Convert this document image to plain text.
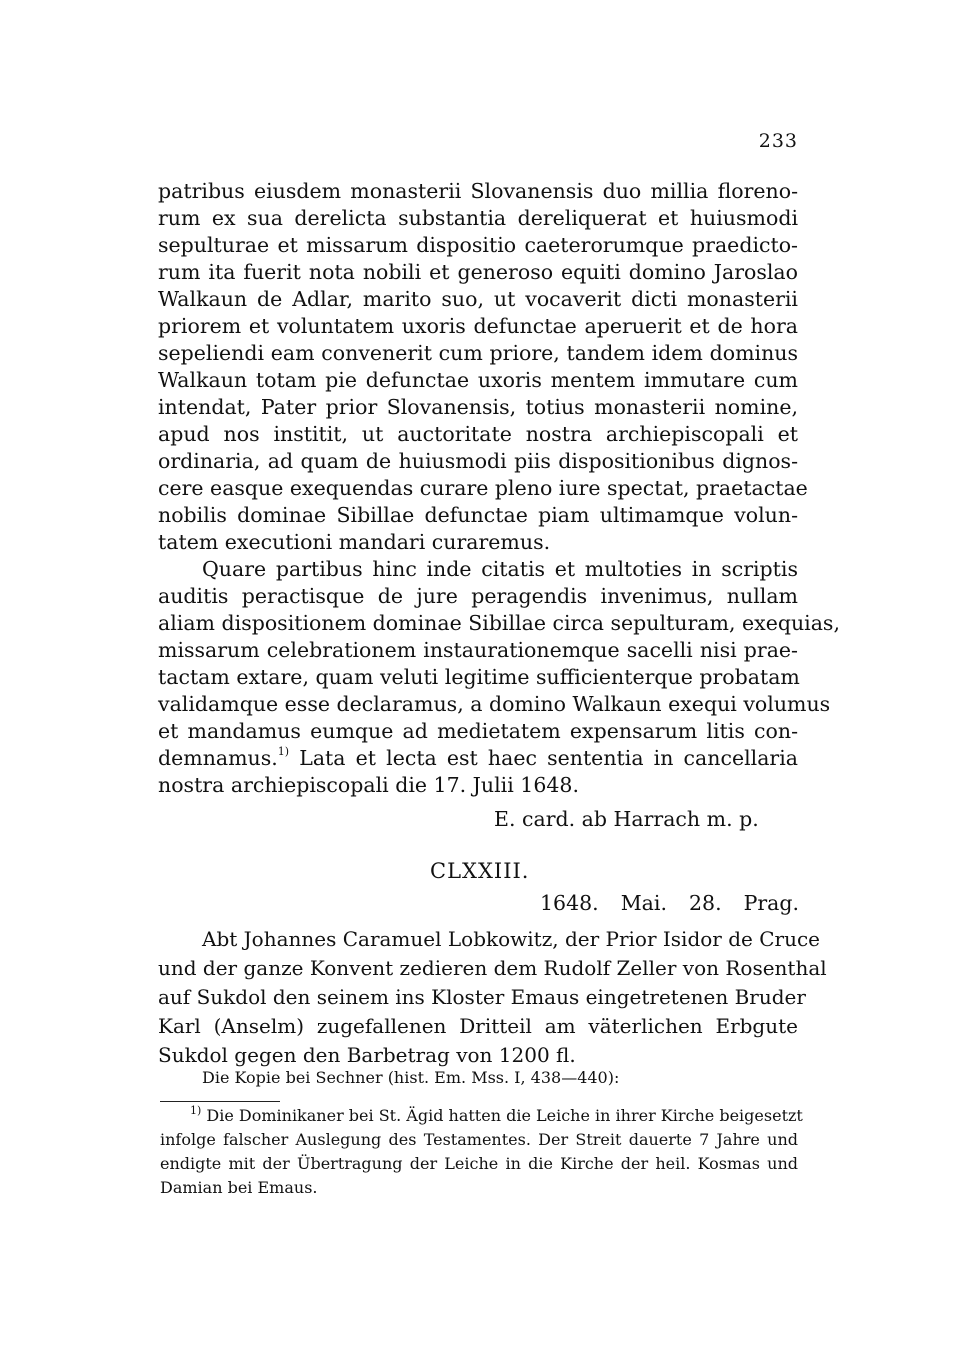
233
patribus eiusdem monasterii Slovanensis duo millia floreno-
rum ex sua derelicta substantia dereliquerat et huiusmodi
sepulturae et missarum dispositio caeterorumque praedicto-
rum ita fuerit nota nobili et generoso equiti domino Jaroslao
Walkaun de Adlar, marito suo, ut vocaverit dicti monasterii
priorem et voluntatem uxoris defunctae aperuerit et de hora
sepeliendi eam convenerit cum priore, tandem idem dominus
Walkaun totam pie defunctae uxoris mentem immutare cum
intendat, Pater prior Slovanensis, totius monasterii nomine,
apud nos institit, ut auctoritate nostra archiepiscopali et
ordinaria, ad quam de huiusmodi piis dispositionibus dignos-
cere easque exequendas curare pleno iure spectat, praetactae
nobilis dominae Sibillae defunctae piam ultimamque volun-
tatem executioni mandari curaremus.
Quare partibus hinc inde citatis et multoties in scriptis
auditis peractisque de jure peragendis invenimus, nullam
aliam dispositionem dominae Sibillae circa sepulturam, exequias,
missarum celebrationem instaurationemque sacelli nisi prae-
tactam extare, quam veluti legitime sufficienterque probatam
validamque esse declaramus, a domino Walkaun exequi volumus
et mandamus eumque ad medietatem expensarum litis con-
demnamus.$^{1)}$ Lata et lecta est haec sententia in cancellaria
nostra archiepiscopali die 17. Julii 1648.
E. card. ab Harrach m. p.
CLXXIII.
1648. Mai. 28. Prag.
Abt Johannes Caramuel Lobkowitz, der Prior Isidor de Cruce
und der ganze Konvent zedieren dem Rudolf Zeller von Rosenthal
auf Sukdol den seinem ins Kloster Emaus eingetretenen Bruder
Karl (Anselm) zugefallenen Dritteil am väterlichen Erbgute
Sukdol gegen den Barbetrag von 1200 fl.
Die Kopie bei Sechner (hist. Em. Mss. I, 438—440):
$^{1)}$ Die Dominikaner bei St. Ägid hatten die Leiche in ihrer Kirche beigesetzt
infolge falscher Auslegung des Testamentes. Der Streit dauerte 7 Jahre und
endigte mit der Übertragung der Leiche in die Kirche der heil. Kosmas und
Damian bei Emaus.
